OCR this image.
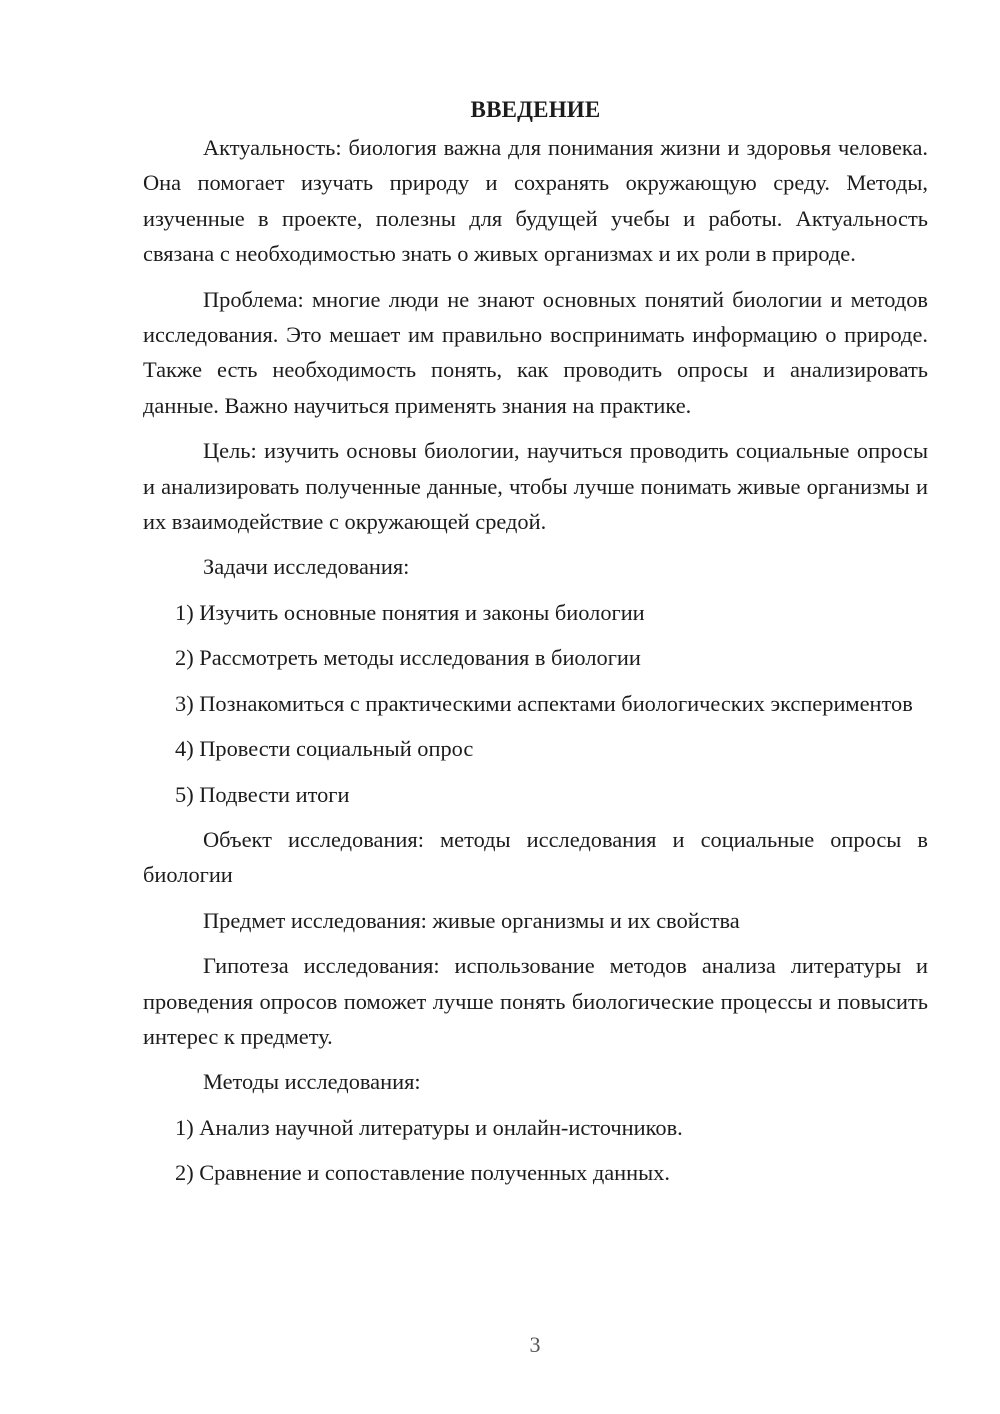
ВВЕДЕНИЕ

Актуальность: биология важна для понимания жизни и здоровья человека. Она помогает изучать природу и сохранять окружающую среду. Методы, изученные в проекте, полезны для будущей учебы и работы. Актуальность связана с необходимостью знать о живых организмах и их роли в природе.

Проблема: многие люди не знают основных понятий биологии и методов исследования. Это мешает им правильно воспринимать информацию о природе. Также есть необходимость понять, как проводить опросы и анализировать данные. Важно научиться применять знания на практике.

Цель: изучить основы биологии, научиться проводить социальные опросы и анализировать полученные данные, чтобы лучше понимать живые организмы и их взаимодействие с окружающей средой.

Задачи исследования:

1) Изучить основные понятия и законы биологии

2) Рассмотреть методы исследования в биологии

3) Познакомиться с практическими аспектами биологических экспериментов

4) Провести социальный опрос

5) Подвести итоги

Объект исследования: методы исследования и социальные опросы в биологии

Предмет исследования: живые организмы и их свойства

Гипотеза исследования: использование методов анализа литературы и проведения опросов поможет лучше понять биологические процессы и повысить интерес к предмету.

Методы исследования:

1) Анализ научной литературы и онлайн-источников.

2) Сравнение и сопоставление полученных данных.

3
